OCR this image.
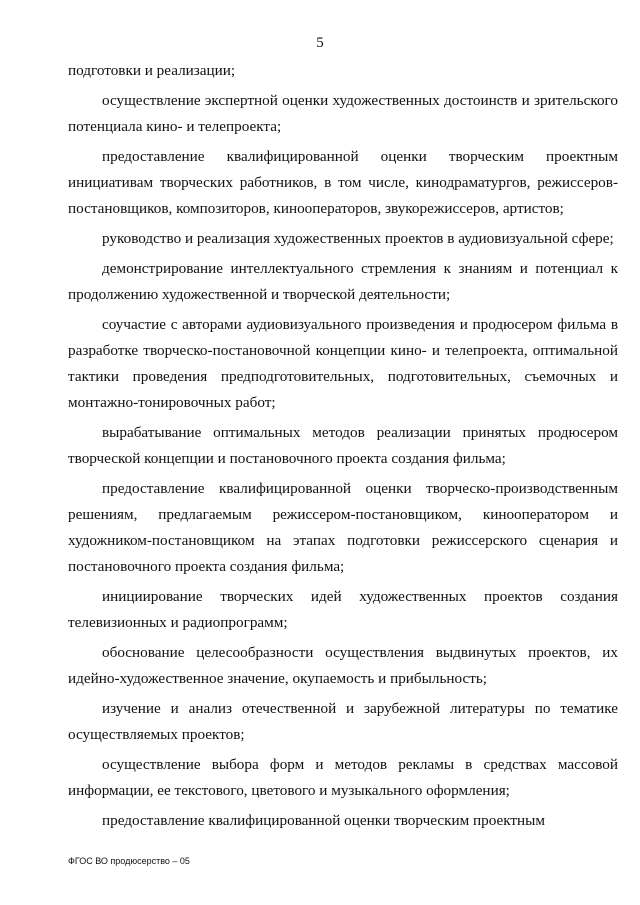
5

подготовки и реализации;

осуществление экспертной оценки художественных достоинств и зрительского потенциала кино- и телепроекта;

предоставление квалифицированной оценки творческим проектным инициативам творческих работников, в том числе, кинодраматургов, режиссеров-постановщиков, композиторов, кинооператоров, звукорежиссеров, артистов;

руководство и реализация художественных проектов в аудиовизуальной сфере;

демонстрирование интеллектуального стремления к знаниям и потенциал к продолжению художественной и творческой деятельности;

соучастие с авторами аудиовизуального произведения и продюсером фильма в разработке творческо-постановочной концепции кино- и телепроекта, оптимальной тактики проведения предподготовительных, подготовительных, съемочных и монтажно-тонировочных работ;

вырабатывание оптимальных методов реализации принятых продюсером творческой концепции и постановочного проекта создания фильма;

предоставление квалифицированной оценки творческо-производственным решениям, предлагаемым режиссером-постановщиком, кинооператором и художником-постановщиком на этапах подготовки режиссерского сценария и постановочного проекта создания фильма;

инициирование творческих идей художественных проектов создания телевизионных и радиопрограмм;

обоснование целесообразности осуществления выдвинутых проектов, их идейно-художественное значение, окупаемость и прибыльность;

изучение и анализ отечественной и зарубежной литературы по тематике осуществляемых проектов;

осуществление выбора форм и методов рекламы в средствах массовой информации, ее текстового, цветового и музыкального оформления;

предоставление квалифицированной оценки творческим проектным

ФГОС ВО продюсерство – 05
